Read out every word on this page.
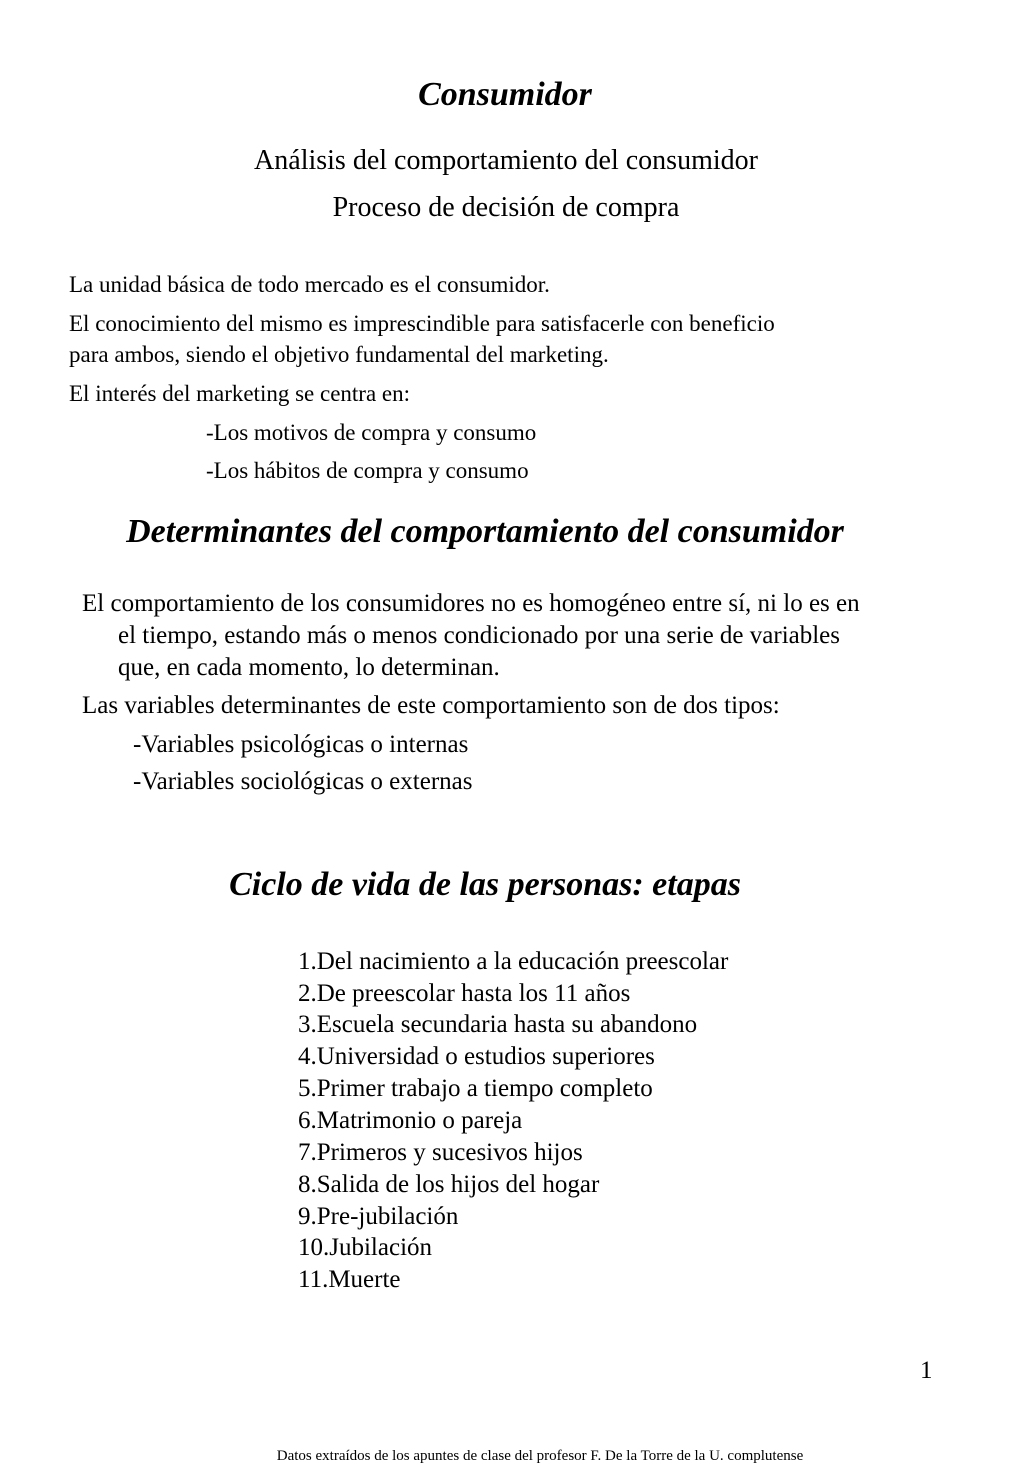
Consumidor
Análisis del comportamiento del consumidor
Proceso de decisión de compra
La unidad básica de todo mercado es el consumidor.
El conocimiento del mismo es imprescindible para satisfacerle con beneficio
para ambos, siendo el objetivo fundamental del marketing.
El interés del marketing se centra en:
-Los motivos de compra y consumo
-Los hábitos de compra y consumo
Determinantes del comportamiento del consumidor
El comportamiento de los consumidores no es homogéneo entre sí, ni lo es en
el tiempo, estando más o menos condicionado por una serie de variables
que, en cada momento, lo determinan.
Las variables determinantes de este comportamiento son de dos tipos:
-Variables psicológicas o internas
-Variables sociológicas o externas
Ciclo de vida de las personas: etapas
1.Del nacimiento a la educación preescolar
2.De preescolar hasta los 11 años
3.Escuela secundaria hasta su abandono
4.Universidad o estudios superiores
5.Primer trabajo a tiempo completo
6.Matrimonio o pareja
7.Primeros y sucesivos hijos
8.Salida de los hijos del hogar
9.Pre-jubilación
10.Jubilación
11.Muerte
1
Datos extraídos de los apuntes de clase del profesor F. De la Torre de la U. complutense
